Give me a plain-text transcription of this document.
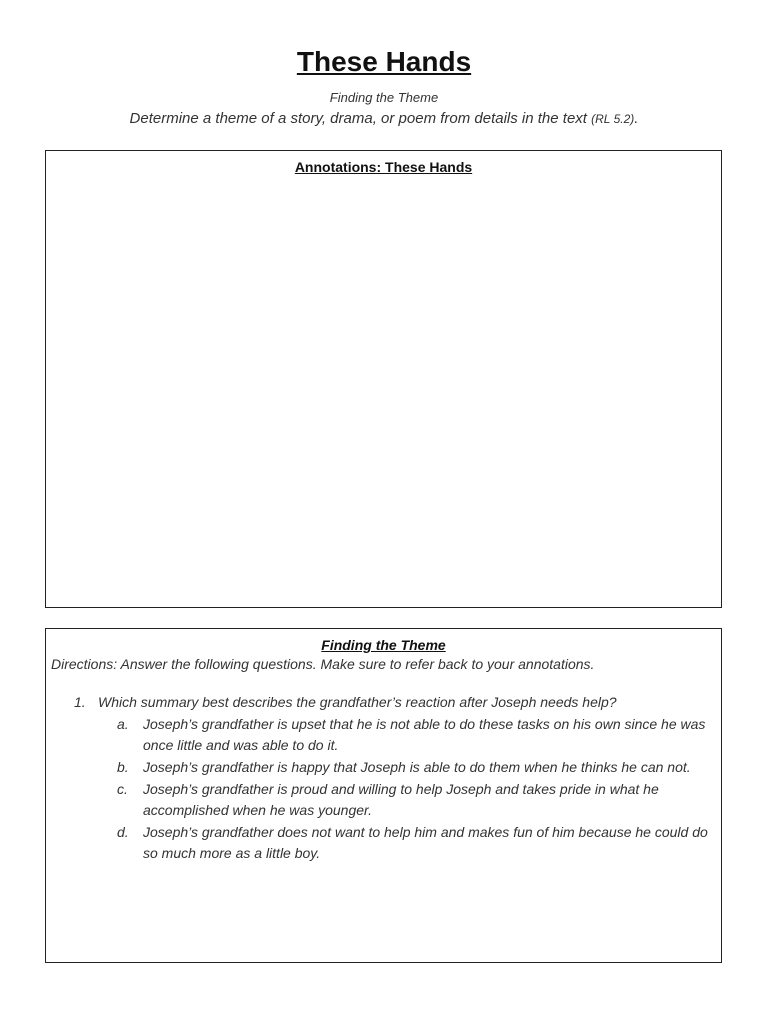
These Hands
Finding the Theme
Determine a theme of a story, drama, or poem from details in the text (RL 5.2).
Annotations: These Hands
Finding the Theme
Directions: Answer the following questions. Make sure to refer back to your annotations.
1. Which summary best describes the grandfather’s reaction after Joseph needs help?
a.	Joseph’s grandfather is upset that he is not able to do these tasks on his own since he was once little and was able to do it.
b.	Joseph’s grandfather is happy that Joseph is able to do them when he thinks he can not.
c.	Joseph’s grandfather is proud and willing to help Joseph and takes pride in what he accomplished when he was younger.
d.	Joseph’s grandfather does not want to help him and makes fun of him because he could do so much more as a little boy.
